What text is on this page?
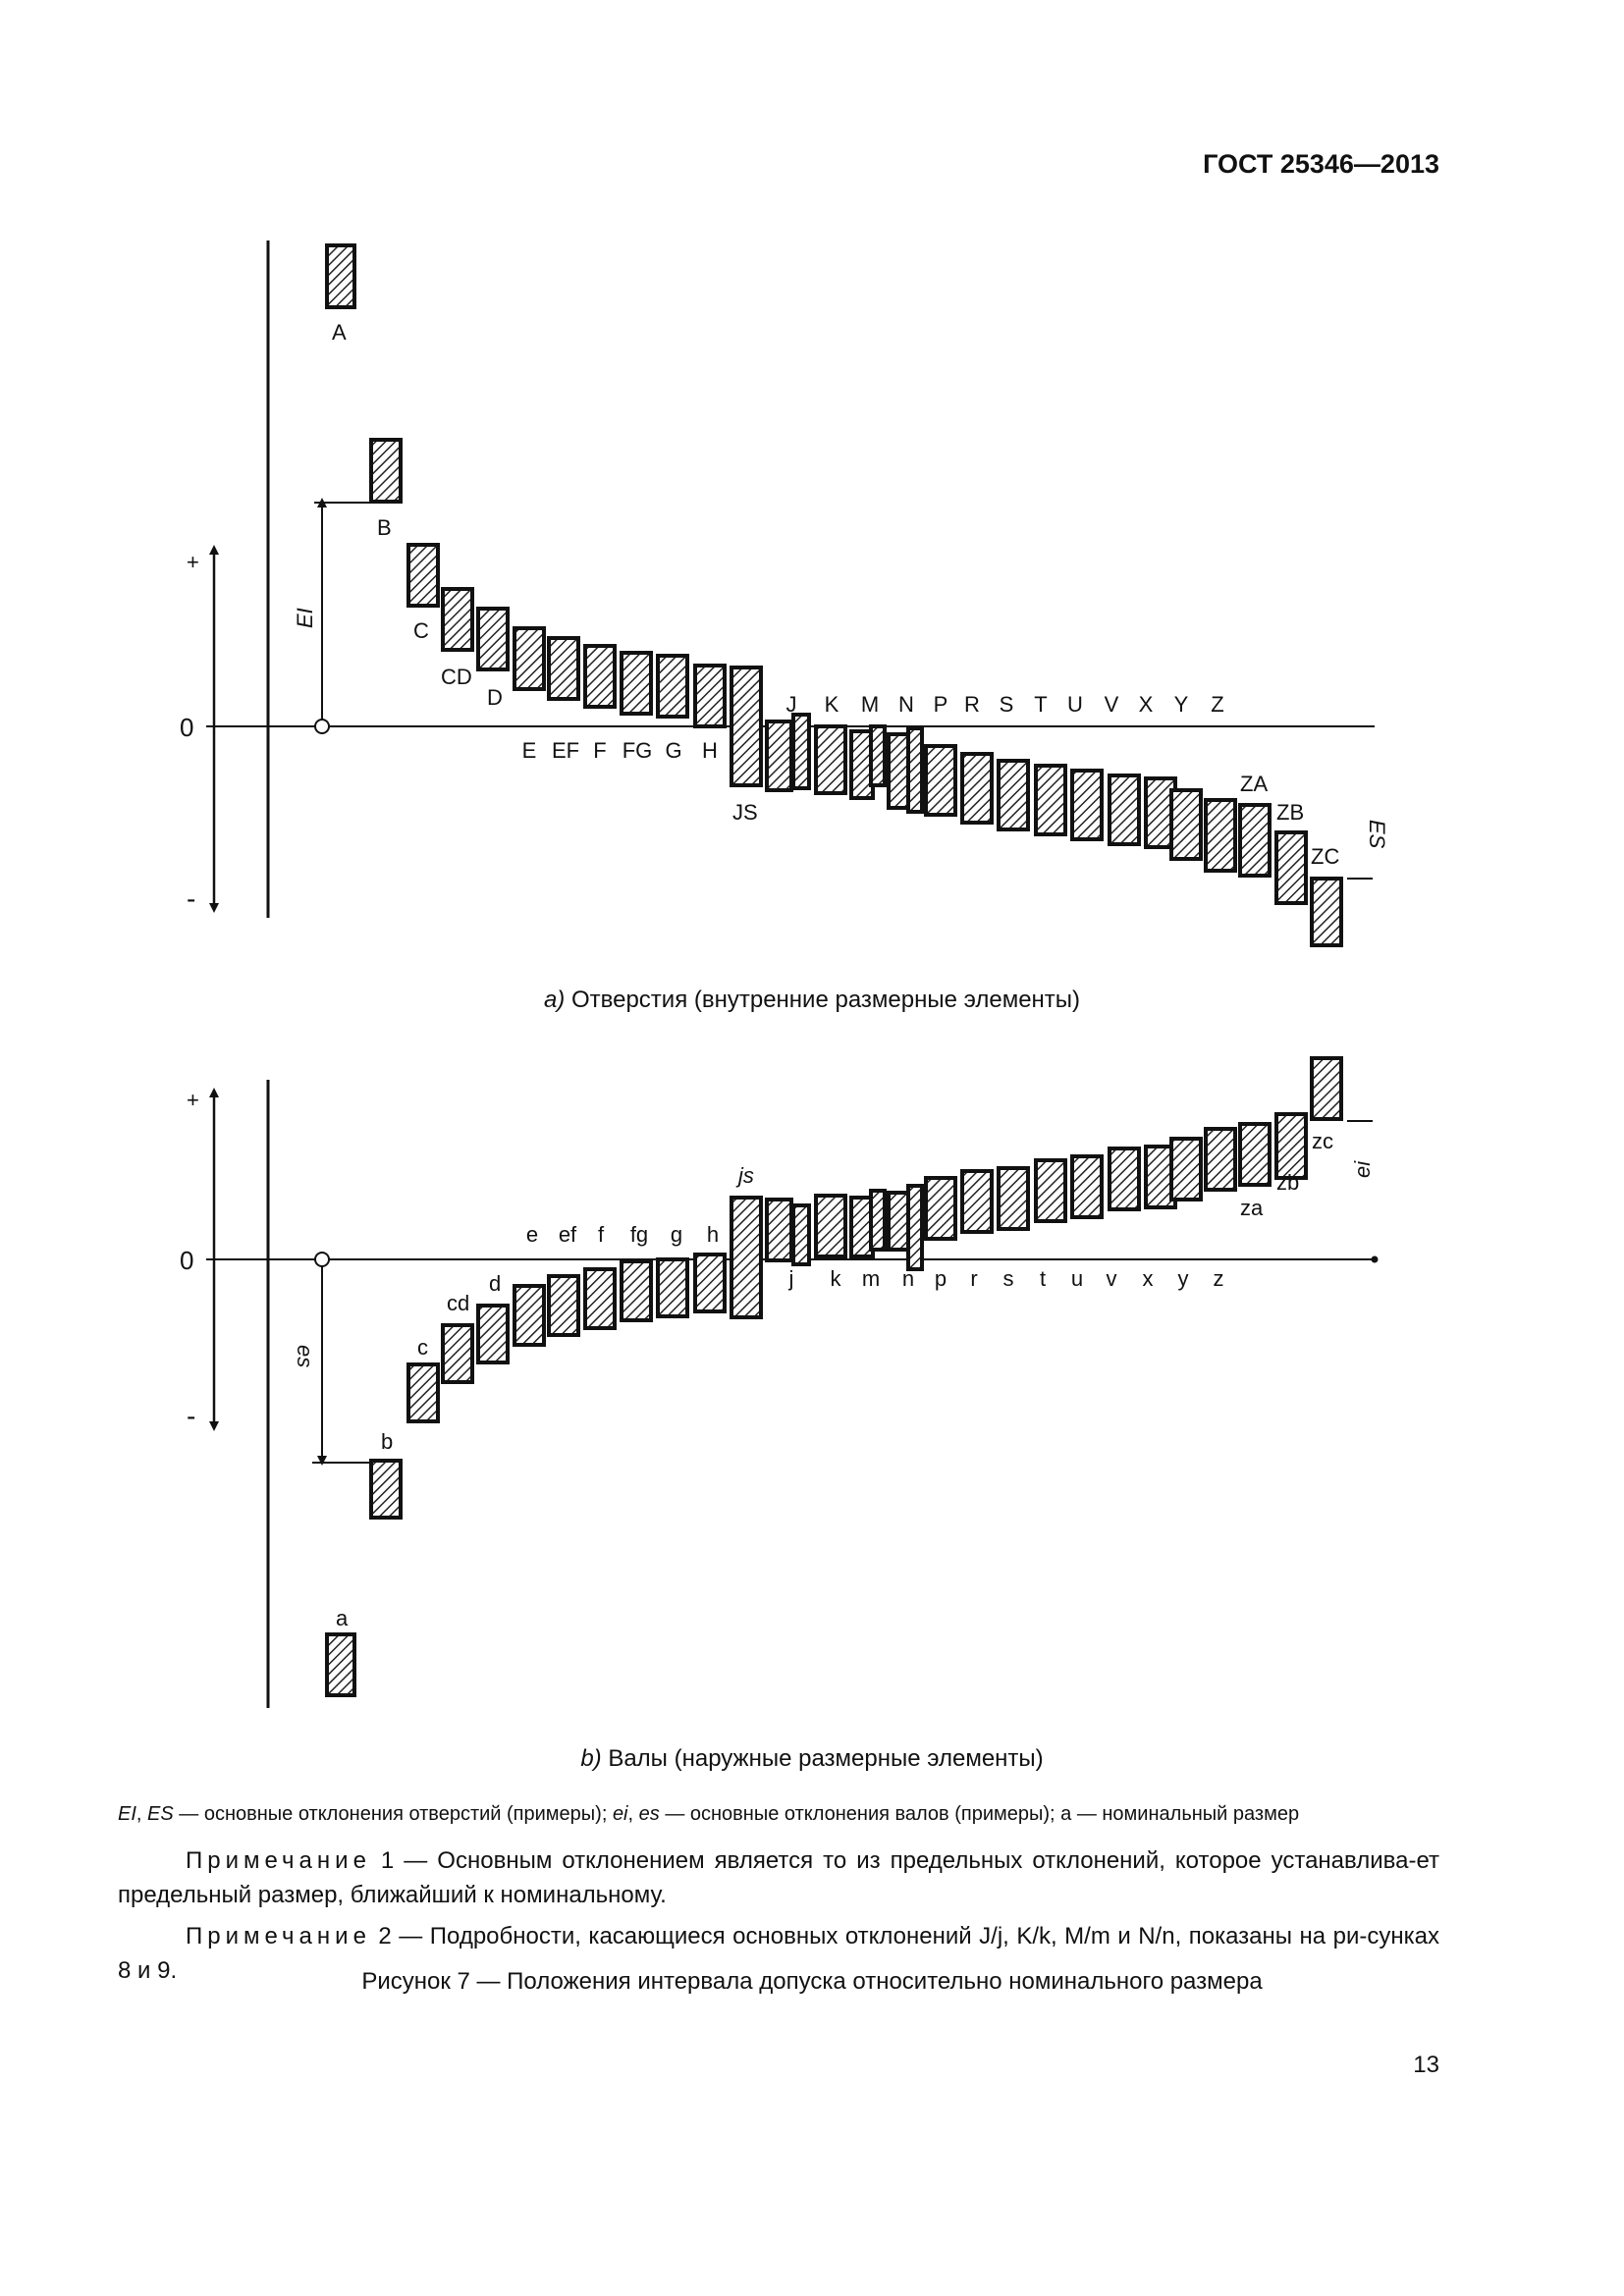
ГОСТ 25346—2013
+
0
-
EI
ES
A
B
C
CD
D
JS
ZA
ZB
ZC
J K M N P R S T U V X Y Z
E EF F FG G H
a) Отверстия (внутренние размерные элементы)
+
0
-
es
ei
a
b
c
cd
d
js
za
zb
zc
e ef f fg g h
j k m n p r s t u v x y z
b) Валы (наружные размерные элементы)
EI, ES — основные отклонения отверстий (примеры); ei, es — основные отклонения валов (примеры); а — номинальный размер
Примечание 1 — Основным отклонением является то из предельных отклонений, которое устанавлива-ет предельный размер, ближайший к номинальному.
Примечание 2 — Подробности, касающиеся основных отклонений J/j, K/k, M/m и N/n, показаны на ри-сунках 8 и 9.	Рисунок 7 — Положения интервала допуска относительно номинального размера
13
